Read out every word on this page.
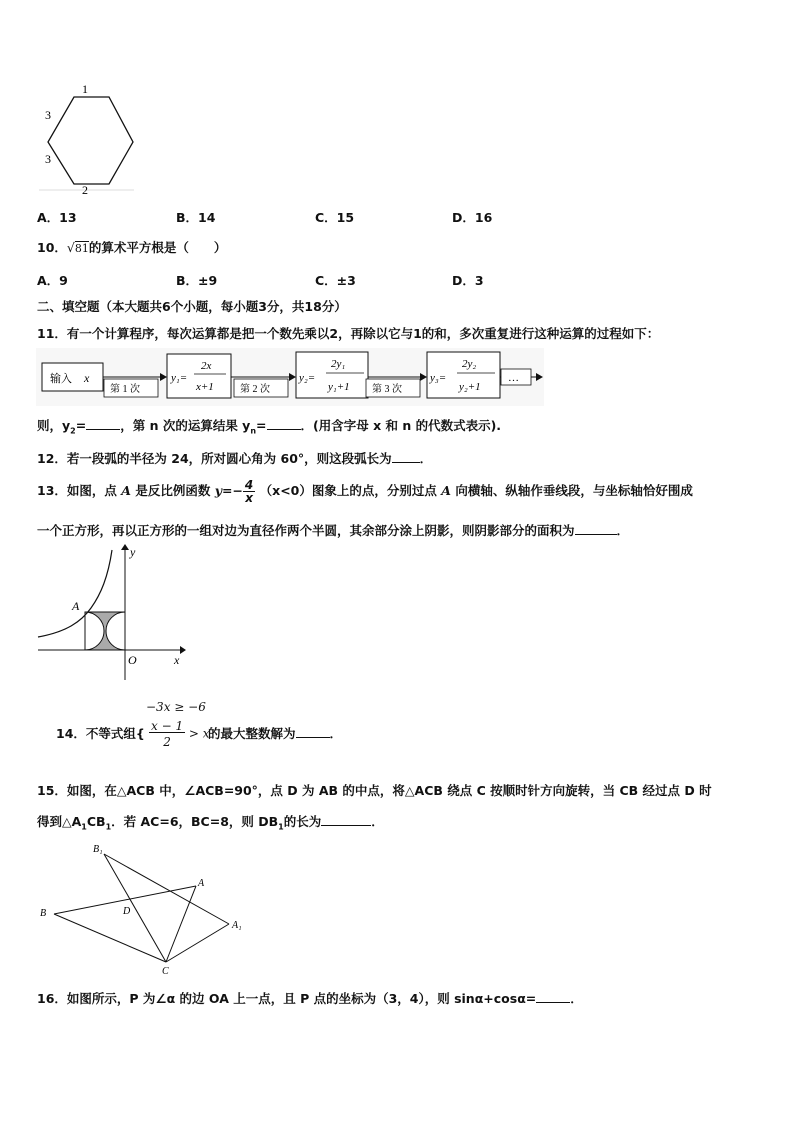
1
3
3
2
A．13	B．14	C．15	D．16
10．√81的算术平方根是（　　）
A．9	B．±9	C．±3	D．3
二、填空题（本大题共6个小题，每小题3分，共18分）
11．有一个计算程序，每次运算都是把一个数先乘以2，再除以它与1的和，多次重复进行这种运算的过程如下：
输入 x
第 1 次
y₁=
2x
x+1	第 2 次
y₂=
2y₁
y₁+1 第 3 次
y₃=
2y₂
y₂+1
…
则，$y_2=$	，第 n 次的运算结果 $y_n=$	．(用含字母 x 和 n 的代数式表示).
12．若一段弧的半径为 24，所对圆心角为 60°，则这段弧长为 ．
13．如图，点 A 是反比例函数 $y=- \frac{4}{x} (x<0)$图象上的点，分别过点 A 向横轴、纵轴作垂线段，与坐标轴恰好围成
一个正方形，再以正方形的一组对边为直径作两个半圆，其余部分涂上阴影，则阴影部分的面积为	．
y
x
O
A
−3x ≥ −6
14．不等式组{ $\frac{x - 1}{2} > x$
的最大整数解为	．
15．如图，在△ACB 中，∠ACB=90°，点 D 为 AB 的中点，将△ACB 绕点 C 按顺时针方向旋转，当 CB 经过点 D 时
得到$\triangle A_1CB_1$．若 AC=6，BC=8，则 $DB_1$的长为	．
B₁
A
B	D
A₁
C
16．如图所示，P 为∠α 的边 OA 上一点，且 P 点的坐标为（3，4），则 sinα+cosα=	．
